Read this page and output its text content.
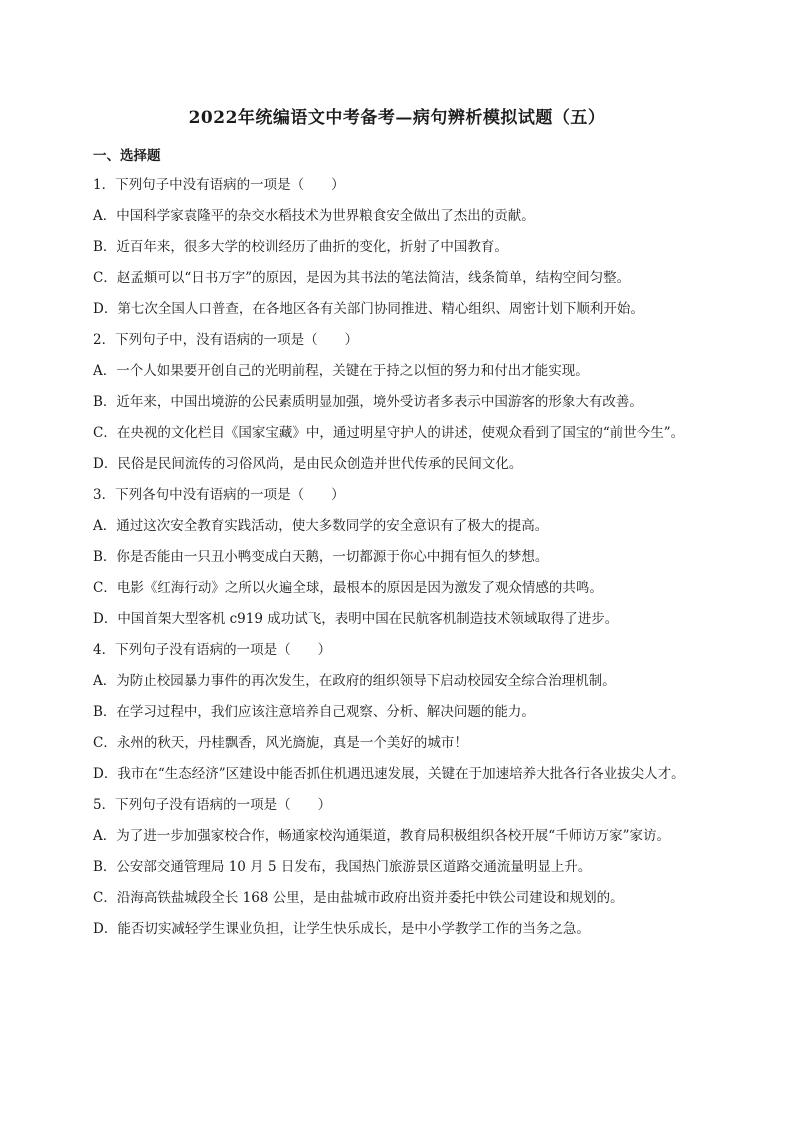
2022年统编语文中考备考—病句辨析模拟试题（五）
一、选择题
1．下列句子中没有语病的一项是（　　）
A．中国科学家袁隆平的杂交水稻技术为世界粮食安全做出了杰出的贡献。
B．近百年来，很多大学的校训经历了曲折的变化，折射了中国教育。
C．赵孟頫可以“日书万字”的原因，是因为其书法的笔法简洁，线条简单，结构空间匀整。
D．第七次全国人口普查，在各地区各有关部门协同推进、精心组织、周密计划下顺利开始。
2．下列句子中，没有语病的一项是（　　）
A．一个人如果要开创自己的光明前程，关键在于持之以恒的努力和付出才能实现。
B．近年来，中国出境游的公民素质明显加强，境外受访者多表示中国游客的形象大有改善。
C．在央视的文化栏目《国家宝藏》中，通过明星守护人的讲述，使观众看到了国宝的“前世今生”。
D．民俗是民间流传的习俗风尚，是由民众创造并世代传承的民间文化。
3．下列各句中没有语病的一项是（　　）
A．通过这次安全教育实践活动，使大多数同学的安全意识有了极大的提高。
B．你是否能由一只丑小鸭变成白天鹅，一切都源于你心中拥有恒久的梦想。
C．电影《红海行动》之所以火遍全球，最根本的原因是因为激发了观众情感的共鸣。
D．中国首架大型客机 c919 成功试飞，表明中国在民航客机制造技术领域取得了进步。
4．下列句子没有语病的一项是（　　）
A．为防止校园暴力事件的再次发生，在政府的组织领导下启动校园安全综合治理机制。
B．在学习过程中，我们应该注意培养自己观察、分析、解决问题的能力。
C．永州的秋天，丹桂飘香，风光旖旎，真是一个美好的城市！
D．我市在“生态经济”区建设中能否抓住机遇迅速发展，关键在于加速培养大批各行各业拔尖人才。
5．下列句子没有语病的一项是（　　）
A．为了进一步加强家校合作，畅通家校沟通渠道，教育局积极组织各校开展“千师访万家”家访。
B．公安部交通管理局 10 月 5 日发布，我国热门旅游景区道路交通流量明显上升。
C．沿海高铁盐城段全长 168 公里，是由盐城市政府出资并委托中铁公司建设和规划的。
D．能否切实减轻学生课业负担，让学生快乐成长，是中小学教学工作的当务之急。
